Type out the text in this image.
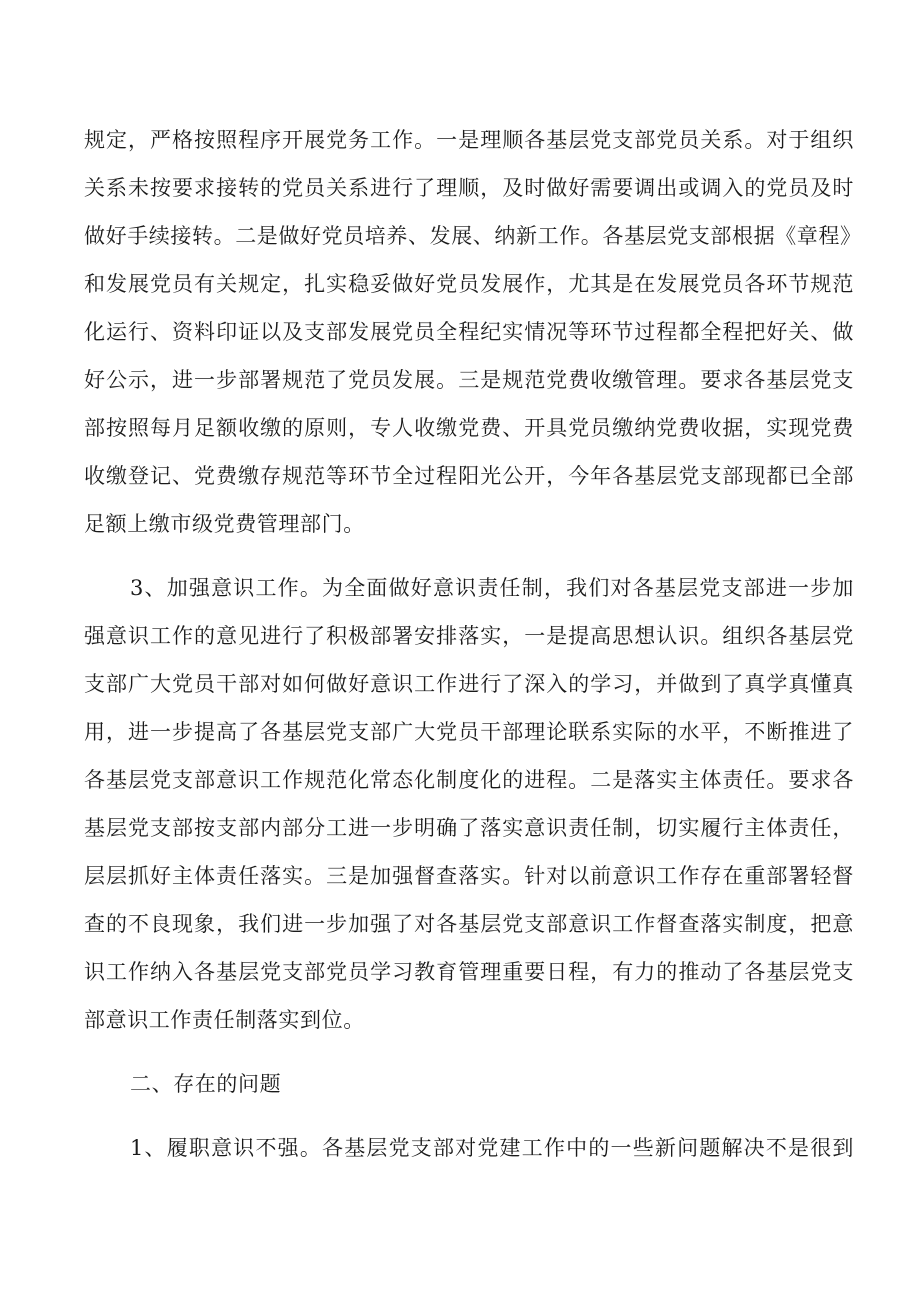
规定，严格按照程序开展党务工作。一是理顺各基层党支部党员关系。对于组织
关系未按要求接转的党员关系进行了理顺，及时做好需要调出或调入的党员及时
做好手续接转。二是做好党员培养、发展、纳新工作。各基层党支部根据《章程》
和发展党员有关规定，扎实稳妥做好党员发展作，尤其是在发展党员各环节规范
化运行、资料印证以及支部发展党员全程纪实情况等环节过程都全程把好关、做
好公示，进一步部署规范了党员发展。三是规范党费收缴管理。要求各基层党支
部按照每月足额收缴的原则，专人收缴党费、开具党员缴纳党费收据，实现党费
收缴登记、党费缴存规范等环节全过程阳光公开，今年各基层党支部现都已全部
足额上缴市级党费管理部门。
3、加强意识工作。为全面做好意识责任制，我们对各基层党支部进一步加
强意识工作的意见进行了积极部署安排落实，一是提高思想认识。组织各基层党
支部广大党员干部对如何做好意识工作进行了深入的学习，并做到了真学真懂真
用，进一步提高了各基层党支部广大党员干部理论联系实际的水平，不断推进了
各基层党支部意识工作规范化常态化制度化的进程。二是落实主体责任。要求各
基层党支部按支部内部分工进一步明确了落实意识责任制，切实履行主体责任，
层层抓好主体责任落实。三是加强督查落实。针对以前意识工作存在重部署轻督
查的不良现象，我们进一步加强了对各基层党支部意识工作督查落实制度，把意
识工作纳入各基层党支部党员学习教育管理重要日程，有力的推动了各基层党支
部意识工作责任制落实到位。
二、存在的问题
1、履职意识不强。各基层党支部对党建工作中的一些新问题解决不是很到
